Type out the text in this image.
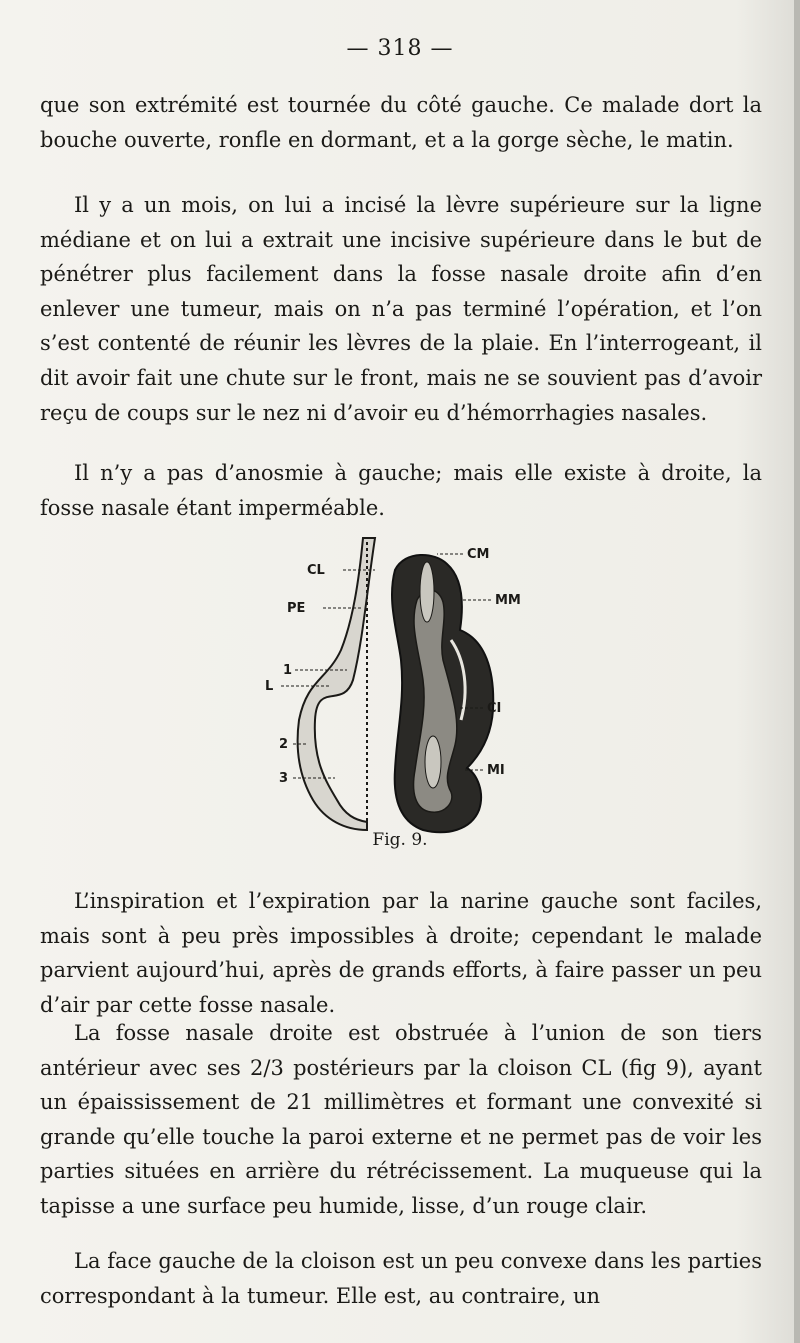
— 318 —

que son extrémité est tournée du côté gauche. Ce malade dort la bouche ouverte, ronfle en dormant, et a la gorge sèche, le matin.

Il y a un mois, on lui a incisé la lèvre supérieure sur la ligne médiane et on lui a extrait une incisive supérieure dans le but de pénétrer plus facilement dans la fosse nasale droite afin d’en enlever une tumeur, mais on n’a pas terminé l’opération, et l’on s’est contenté de réunir les lèvres de la plaie. En l’interrogeant, il dit avoir fait une chute sur le front, mais ne se souvient pas d’avoir reçu de coups sur le nez ni d’avoir eu d’hémorrhagies nasales.

Il n’y a pas d’anosmie à gauche; mais elle existe à droite, la fosse nasale étant imperméable.

CM
CL
MM
PE
1
L
CI
2
3
MI
Fig. 9.

L’inspiration et l’expiration par la narine gauche sont faciles, mais sont à peu près impossibles à droite; cependant le malade parvient aujourd’hui, après de grands efforts, à faire passer un peu d’air par cette fosse nasale.

La fosse nasale droite est obstruée à l’union de son tiers antérieur avec ses 2/3 postérieurs par la cloison CL (fig 9), ayant un épaississement de 21 millimètres et formant une convexité si grande qu’elle touche la paroi externe et ne permet pas de voir les parties situées en arrière du rétrécissement. La muqueuse qui la tapisse a une surface peu humide, lisse, d’un rouge clair.

La face gauche de la cloison est un peu convexe dans les parties correspondant à la tumeur. Elle est, au contraire, un
